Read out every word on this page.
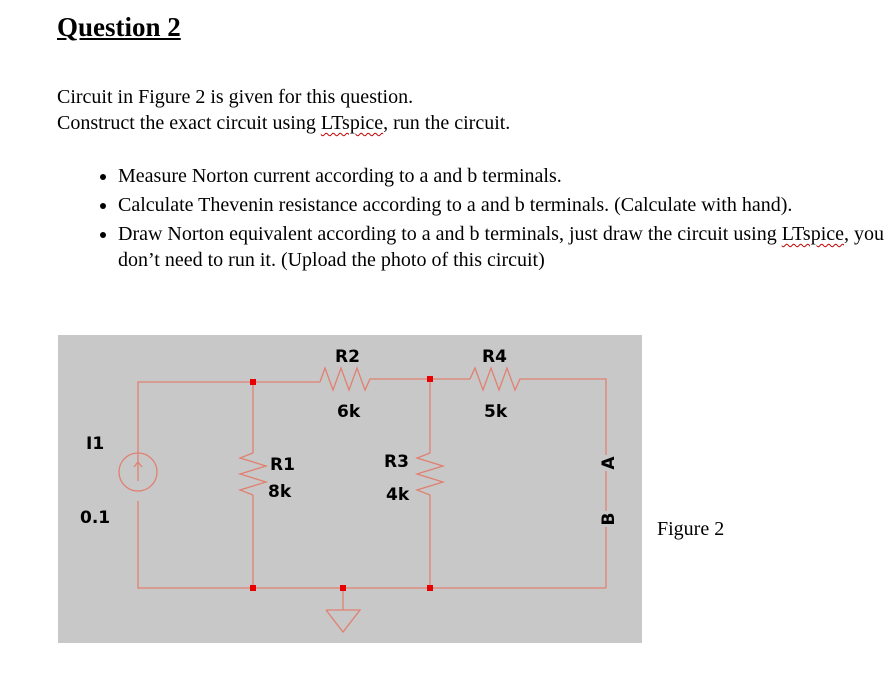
Question 2
Circuit in Figure 2 is given for this question.
Construct the exact circuit using LTspice, run the circuit.
• Measure Norton current according to a and b terminals.
• Calculate Thevenin resistance according to a and b terminals. (Calculate with hand).
• Draw Norton equivalent according to a and b terminals, just draw the circuit using LTspice, you don’t need to run it. (Upload the photo of this circuit)
I1
0.1
R1
8k
R2
6k
R3
4k
R4
5k
A
B Figure 2
